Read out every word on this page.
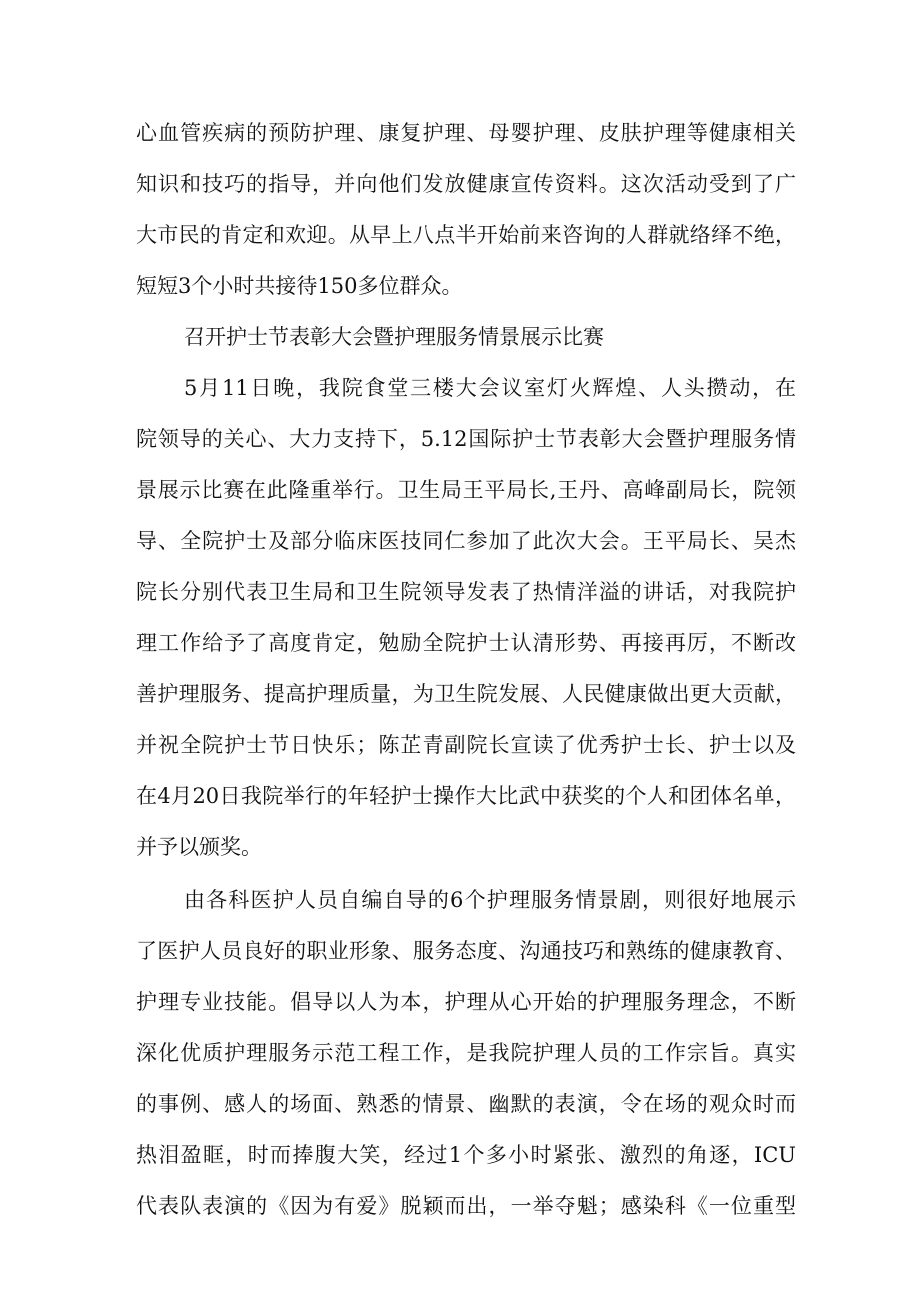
心血管疾病的预防护理、康复护理、母婴护理、皮肤护理等健康相关
知识和技巧的指导，并向他们发放健康宣传资料。这次活动受到了广
大市民的肯定和欢迎。从早上八点半开始前来咨询的人群就络绎不绝，
短短3个小时共接待150多位群众。
召开护士节表彰大会暨护理服务情景展示比赛
5月11日晚，我院食堂三楼大会议室灯火辉煌、人头攒动，在
院领导的关心、大力支持下，5.12国际护士节表彰大会暨护理服务情
景展示比赛在此隆重举行。卫生局王平局长,王丹、高峰副局长，院领
导、全院护士及部分临床医技同仁参加了此次大会。王平局长、吴杰
院长分别代表卫生局和卫生院领导发表了热情洋溢的讲话，对我院护
理工作给予了高度肯定，勉励全院护士认清形势、再接再厉，不断改
善护理服务、提高护理质量，为卫生院发展、人民健康做出更大贡献，
并祝全院护士节日快乐；陈芷青副院长宣读了优秀护士长、护士以及
在4月20日我院举行的年轻护士操作大比武中获奖的个人和团体名单，
并予以颁奖。
由各科医护人员自编自导的6个护理服务情景剧，则很好地展示
了医护人员良好的职业形象、服务态度、沟通技巧和熟练的健康教育、
护理专业技能。倡导以人为本，护理从心开始的护理服务理念，不断
深化优质护理服务示范工程工作，是我院护理人员的工作宗旨。真实
的事例、感人的场面、熟悉的情景、幽默的表演，令在场的观众时而
热泪盈眶，时而捧腹大笑，经过1个多小时紧张、激烈的角逐，ICU
代表队表演的《因为有爱》脱颖而出，一举夺魁；感染科《一位重型
